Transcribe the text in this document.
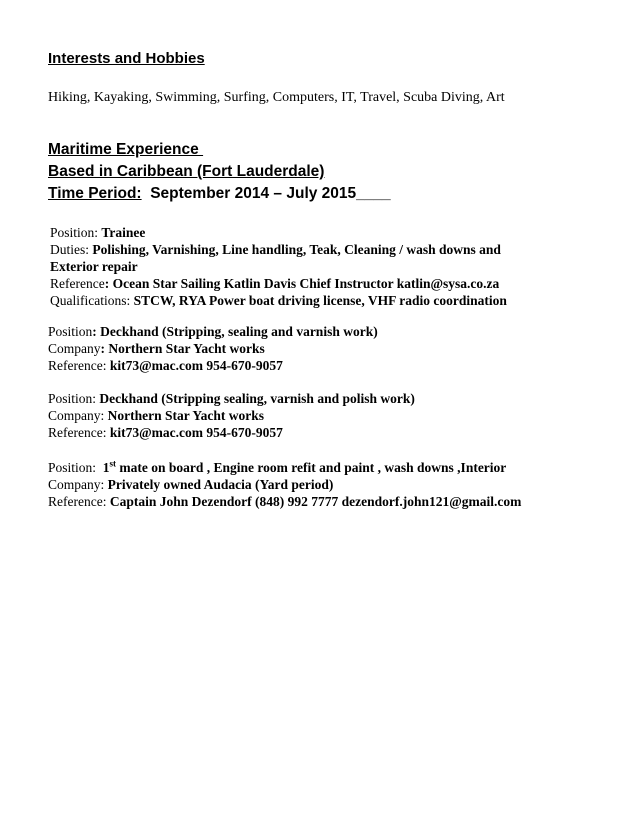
Interests and Hobbies
Hiking, Kayaking, Swimming, Surfing, Computers, IT, Travel, Scuba Diving, Art
Maritime Experience
Based in Caribbean (Fort Lauderdale)
Time Period:  September 2014 – July 2015____
Position: Trainee
Duties: Polishing, Varnishing, Line handling, Teak, Cleaning / wash downs and
Exterior repair
Reference: Ocean Star Sailing Katlin Davis Chief Instructor katlin@sysa.co.za
Qualifications: STCW, RYA Power boat driving license, VHF radio coordination
Position: Deckhand (Stripping, sealing and varnish work)
Company: Northern Star Yacht works
Reference: kit73@mac.com 954-670-9057
Position: Deckhand (Stripping sealing, varnish and polish work)
Company: Northern Star Yacht works
Reference: kit73@mac.com 954-670-9057
Position: 1st mate on board , Engine room refit and paint , wash downs ,Interior
Company: Privately owned Audacia (Yard period)
Reference: Captain John Dezendorf (848) 992 7777 dezendorf.john121@gmail.com
